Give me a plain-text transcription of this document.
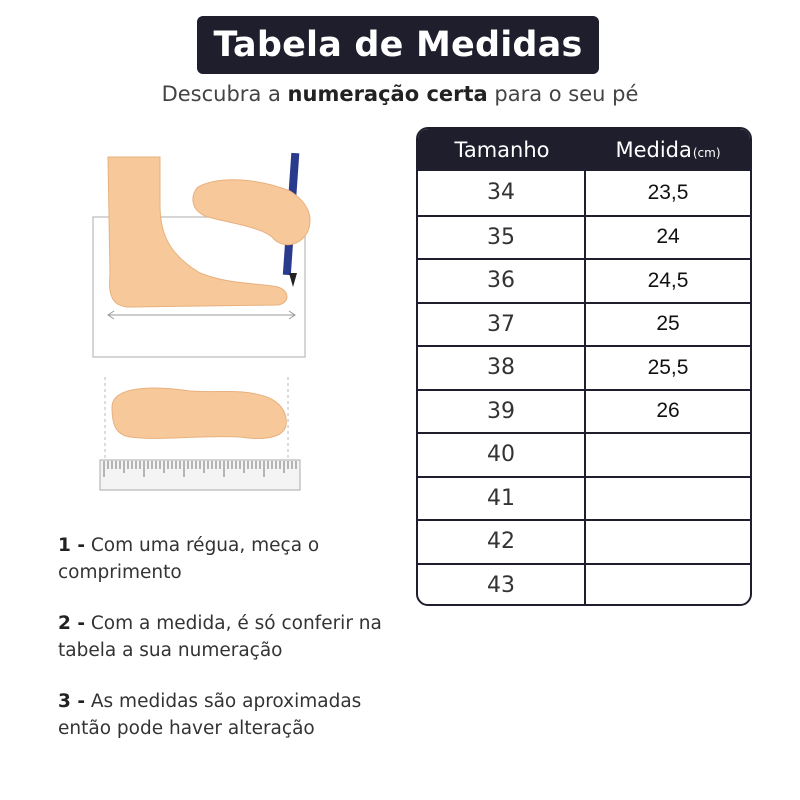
Tabela de Medidas
Descubra a numeração certa para o seu pé
1 - Com uma régua, meça o comprimento
2 - Com a medida, é só conferir na tabela a sua numeração
3 - As medidas são aproximadas então pode haver alteração
Tamanho	Medida (cm)
34	23,5
35	24
36	24,5
37	25
38	25,5
39	26
40
41
42
43
